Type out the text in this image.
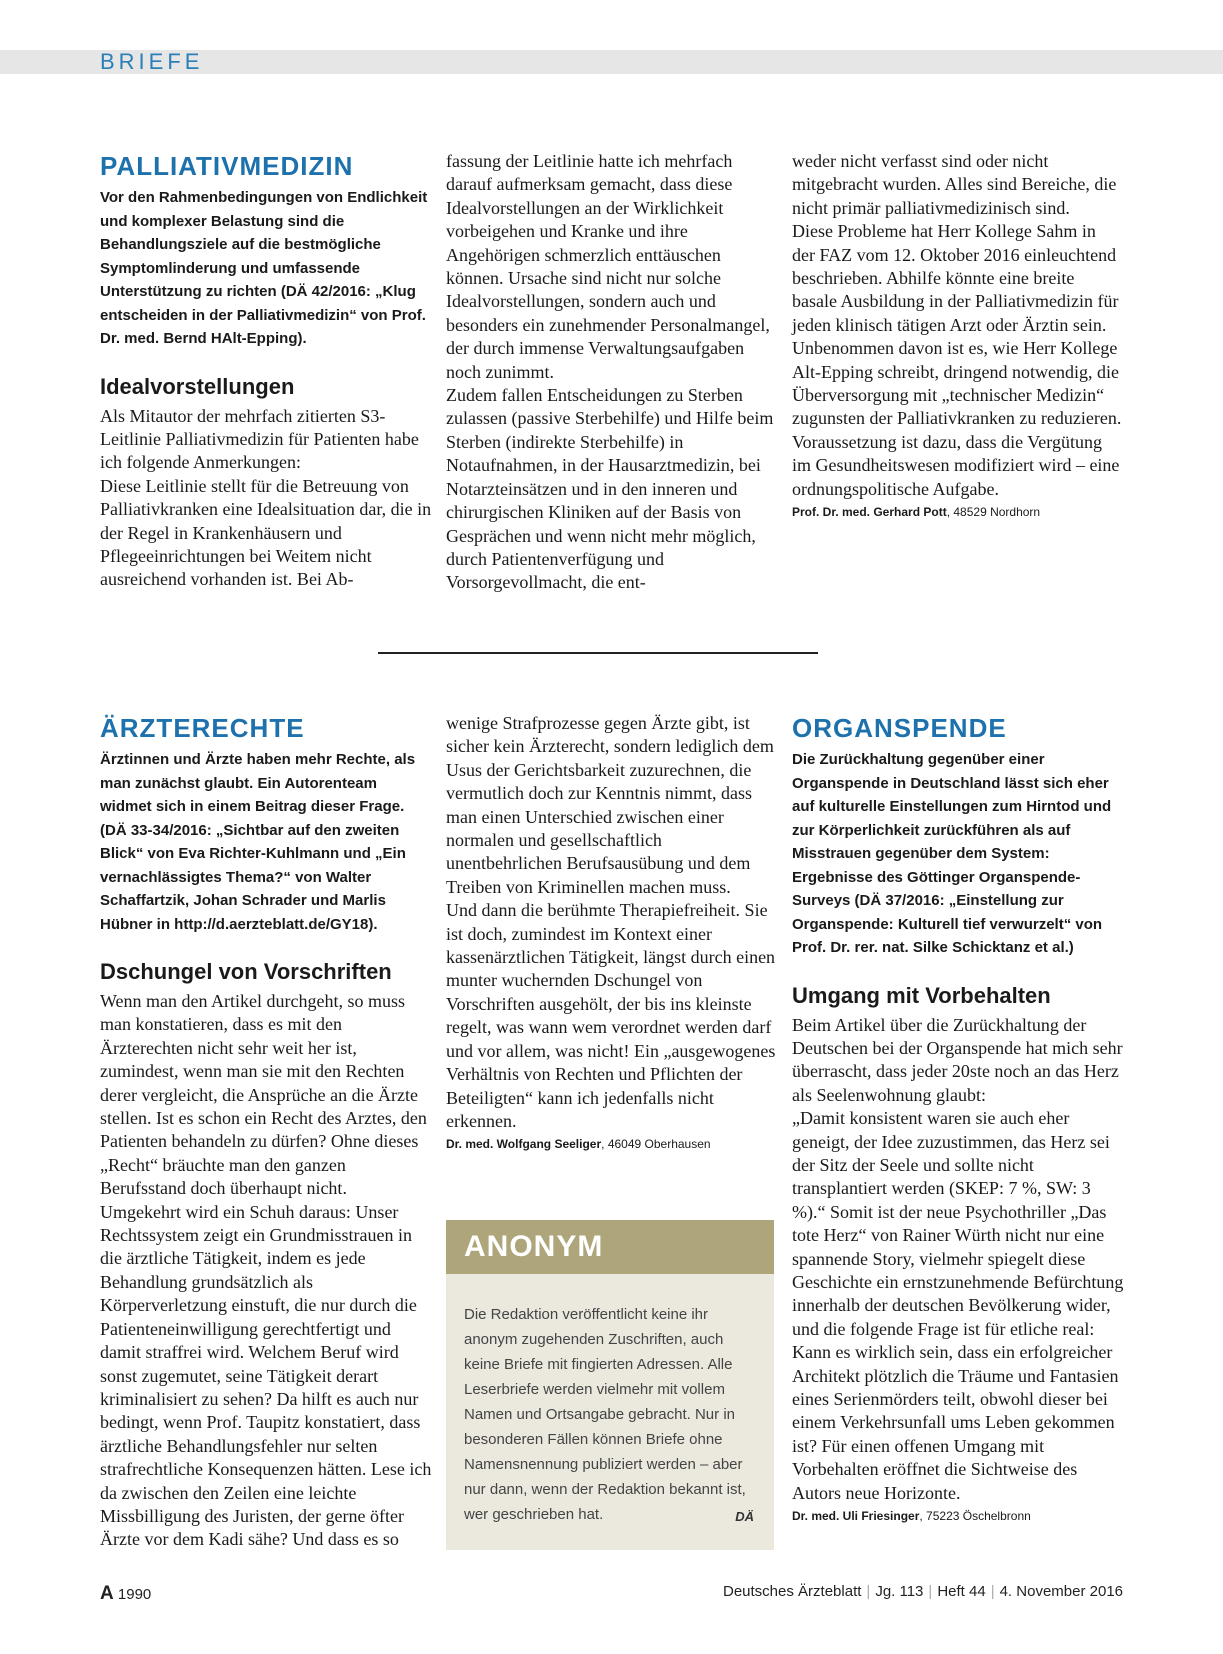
BRIEFE
PALLIATIVMEDIZIN

Vor den Rahmenbedingungen von Endlichkeit und komplexer Belastung sind die Behandlungsziele auf die bestmögliche Symptomlinderung und umfassende Unterstützung zu richten (DÄ 42/2016: „Klug entscheiden in der Palliativmedizin“ von Prof. Dr. med. Bernd HAlt-Epping).

Idealvorstellungen

Als Mitautor der mehrfach zitierten S3-Leitlinie Palliativmedizin für Patienten habe ich folgende Anmerkungen:
Diese Leitlinie stellt für die Betreuung von Palliativkranken eine Idealsituation dar, die in der Regel in Krankenhäusern und Pflegeeinrichtungen bei Weitem nicht ausreichend vorhanden ist. Bei Ab-

fassung der Leitlinie hatte ich mehrfach darauf aufmerksam gemacht, dass diese Idealvorstellungen an der Wirklichkeit vorbeigehen und Kranke und ihre Angehörigen schmerzlich enttäuschen können. Ursache sind nicht nur solche Idealvorstellungen, sondern auch und besonders ein zunehmender Personalmangel, der durch immense Verwaltungsaufgaben noch zunimmt.
Zudem fallen Entscheidungen zu Sterben zulassen (passive Sterbehilfe) und Hilfe beim Sterben (indirekte Sterbehilfe) in Notaufnahmen, in der Hausarztmedizin, bei Notarzteinsätzen und in den inneren und chirurgischen Kliniken auf der Basis von Gesprächen und wenn nicht mehr möglich, durch Patientenverfügung und Vorsorgevollmacht, die ent-

weder nicht verfasst sind oder nicht mitgebracht wurden. Alles sind Bereiche, die nicht primär palliativmedizinisch sind.
Diese Probleme hat Herr Kollege Sahm in der FAZ vom 12. Oktober 2016 einleuchtend beschrieben. Abhilfe könnte eine breite basale Ausbildung in der Palliativmedizin für jeden klinisch tätigen Arzt oder Ärztin sein.
Unbenommen davon ist es, wie Herr Kollege Alt-Epping schreibt, dringend notwendig, die Überversorgung mit „technischer Medizin“ zugunsten der Palliativkranken zu reduzieren. Voraussetzung ist dazu, dass die Vergütung im Gesundheitswesen modifiziert wird – eine ordnungspolitische Aufgabe.

Prof. Dr. med. Gerhard Pott, 48529 Nordhorn
ÄRZTERECHTE

Ärztinnen und Ärzte haben mehr Rechte, als man zunächst glaubt. Ein Autorenteam widmet sich in einem Beitrag dieser Frage. (DÄ 33-34/2016: „Sichtbar auf den zweiten Blick“ von Eva Richter-Kuhlmann und „Ein vernachlässigtes Thema?“ von Walter Schaffartzik, Johan Schrader und Marlis Hübner in http://d.aerzteblatt.de/GY18).

Dschungel von Vorschriften

Wenn man den Artikel durchgeht, so muss man konstatieren, dass es mit den Ärzterechten nicht sehr weit her ist, zumindest, wenn man sie mit den Rechten derer vergleicht, die Ansprüche an die Ärzte stellen. Ist es schon ein Recht des Arztes, den Patienten behandeln zu dürfen? Ohne dieses „Recht“ bräuchte man den ganzen Berufsstand doch überhaupt nicht.
Umgekehrt wird ein Schuh daraus: Unser Rechtssystem zeigt ein Grundmisstrauen in die ärztliche Tätigkeit, indem es jede Behandlung grundsätzlich als Körperverletzung einstuft, die nur durch die Patienteneinwilligung gerechtfertigt und damit straffrei wird. Welchem Beruf wird sonst zugemutet, seine Tätigkeit derart kriminalisiert zu sehen? Da hilft es auch nur bedingt, wenn Prof. Taupitz konstatiert, dass ärztliche Behandlungsfehler nur selten strafrechtliche Konsequenzen hätten. Lese ich da zwischen den Zeilen eine leichte Missbilligung des Juristen, der gerne öfter Ärzte vor dem Kadi sähe? Und dass es so

wenige Strafprozesse gegen Ärzte gibt, ist sicher kein Ärzterecht, sondern lediglich dem Usus der Gerichtsbarkeit zuzurechnen, die vermutlich doch zur Kenntnis nimmt, dass man einen Unterschied zwischen einer normalen und gesellschaftlich unentbehrlichen Berufsausübung und dem Treiben von Kriminellen machen muss.
Und dann die berühmte Therapiefreiheit. Sie ist doch, zumindest im Kontext einer kassenärztlichen Tätigkeit, längst durch einen munter wuchernden Dschungel von Vorschriften ausgehölt, der bis ins kleinste regelt, was wann wem verordnet werden darf und vor allem, was nicht! Ein „ausgewogenes Verhältnis von Rechten und Pflichten der Beteiligten“ kann ich jedenfalls nicht erkennen.

Dr. med. Wolfgang Seeliger, 46049 Oberhausen
ANONYM
Die Redaktion veröffentlicht keine ihr anonym zugehenden Zuschriften, auch keine Briefe mit fingierten Adressen. Alle Leserbriefe werden vielmehr mit vollem Namen und Ortsangabe gebracht. Nur in besonderen Fällen können Briefe ohne Namensnennung publiziert werden – aber nur dann, wenn der Redaktion bekannt ist, wer geschrieben hat.	DÄ
ORGANSPENDE

Die Zurückhaltung gegenüber einer Organspende in Deutschland lässt sich eher auf kulturelle Einstellungen zum Hirntod und zur Körperlichkeit zurückführen als auf Misstrauen gegenüber dem System: Ergebnisse des Göttinger Organspende-Surveys (DÄ 37/2016: „Einstellung zur Organspende: Kulturell tief verwurzelt“ von Prof. Dr. rer. nat. Silke Schicktanz et al.)

Umgang mit Vorbehalten

Beim Artikel über die Zurückhaltung der Deutschen bei der Organspende hat mich sehr überrascht, dass jeder 20ste noch an das Herz als Seelenwohnung glaubt:
„Damit konsistent waren sie auch eher geneigt, der Idee zuzustimmen, das Herz sei der Sitz der Seele und sollte nicht transplantiert werden (SKEP: 7 %, SW: 3 %).“ Somit ist der neue Psychothriller „Das tote Herz“ von Rainer Würth nicht nur eine spannende Story, vielmehr spiegelt diese Geschichte ein ernstzunehmende Befürchtung innerhalb der deutschen Bevölkerung wider, und die folgende Frage ist für etliche real: Kann es wirklich sein, dass ein erfolgreicher Architekt plötzlich die Träume und Fantasien eines Serienmörders teilt, obwohl dieser bei einem Verkehrsunfall ums Leben gekommen ist? Für einen offenen Umgang mit Vorbehalten eröffnet die Sichtweise des Autors neue Horizonte.

Dr. med. Uli Friesinger, 75223 Öschelbronn
A 1990	Deutsches Ärzteblatt | Jg. 113 | Heft 44 | 4. November 2016
